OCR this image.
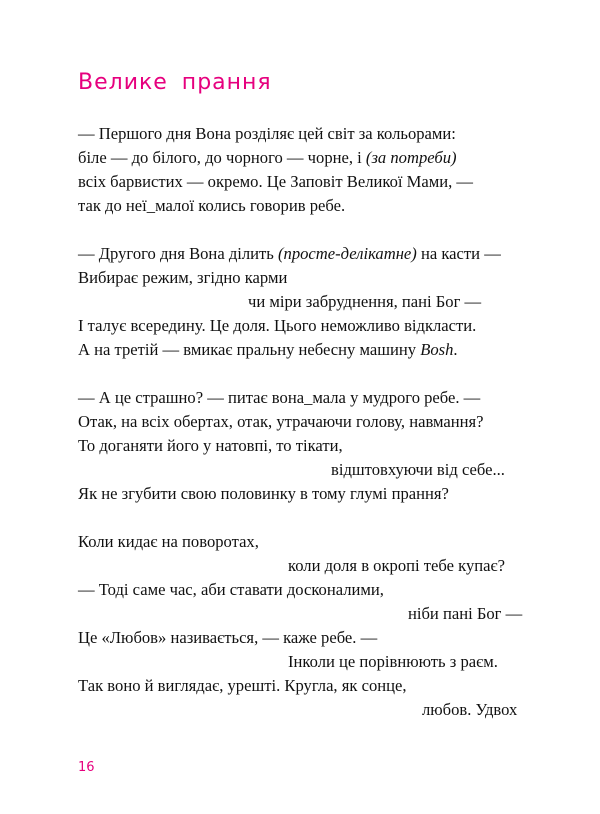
Велике прання
— Першого дня Вона розділяє цей світ за кольорами:
біле — до білого, до чорного — чорне, і (за потреби)
всіх барвистих — окремо. Це Заповіт Великої Мами, —
так до неї_малої колись говорив ребе.
— Другого дня Вона ділить (просте-делікатне) на касти —
Вибирає режим, згідно карми
чи міри забруднення, пані Бог —
І талує всередину. Це доля. Цього неможливо відкласти.
А на третій — вмикає пральну небесну машину Bosh.
— А це страшно? — питає вона_мала у мудрого ребе. —
Отак, на всіх обертах, отак, утрачаючи голову, навмання?
То доганяти його у натовпі, то тікати,
відштовхуючи від себе...
Як не згубити свою половинку в тому глумі прання?
Коли кидає на поворотах,
коли доля в окропі тебе купає?
— Тоді саме час, аби ставати досконалими,
ніби пані Бог —
Це «Любов» називається, — каже ребе. —
Інколи це порівнюють з раєм.
Так воно й виглядає, урешті. Кругла, як сонце,
любов. Удвох
16
